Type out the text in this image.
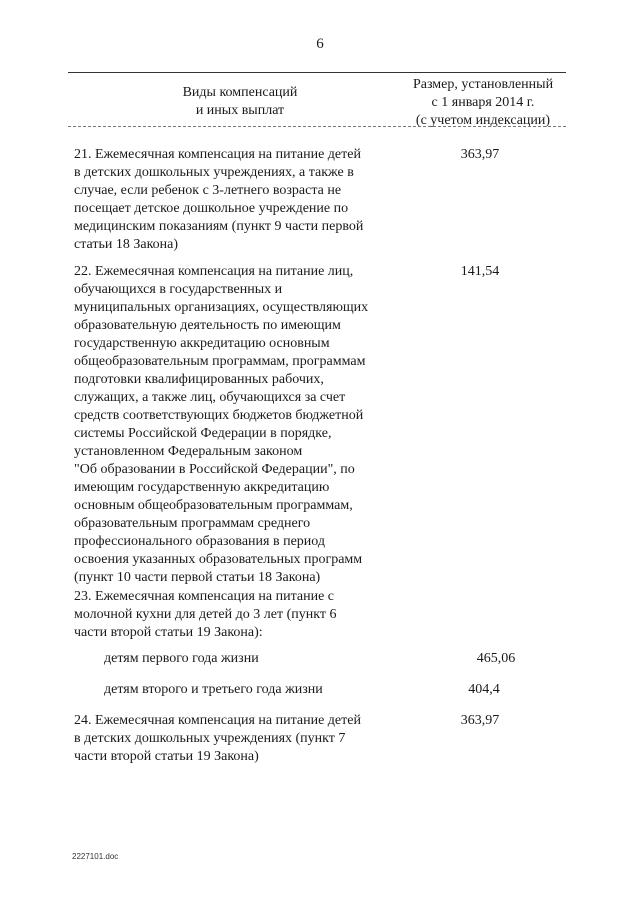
6
Виды компенсаций
и иных выплат
Размер, установленный
с 1 января 2014 г.
(с учетом индексации)
21. Ежемесячная компенсация на питание детей
в детских дошкольных учреждениях, а также в
случае, если ребенок с 3-летнего возраста не
посещает детское дошкольное учреждение по
медицинским показаниям (пункт 9 части первой
статьи 18 Закона)
363,97
22. Ежемесячная компенсация на питание лиц,
обучающихся в государственных и
муниципальных организациях, осуществляющих
образовательную деятельность по имеющим
государственную аккредитацию основным
общеобразовательным программам, программам
подготовки квалифицированных рабочих,
служащих, а также лиц, обучающихся за счет
средств соответствующих бюджетов бюджетной
системы Российской Федерации в порядке,
установленном Федеральным законом
"Об образовании в Российской Федерации", по
имеющим государственную аккредитацию
основным общеобразовательным программам,
образовательным программам среднего
профессионального образования в период
освоения указанных образовательных программ
(пункт 10 части первой статьи 18 Закона)
141,54
23. Ежемесячная компенсация на питание с
молочной кухни для детей до 3 лет (пункт 6
части второй статьи 19 Закона):
детям первого года жизни	465,06
детям второго и третьего года жизни	404,4
24. Ежемесячная компенсация на питание детей
в детских дошкольных учреждениях (пункт 7
части второй статьи 19 Закона)
363,97
2227101.doc
